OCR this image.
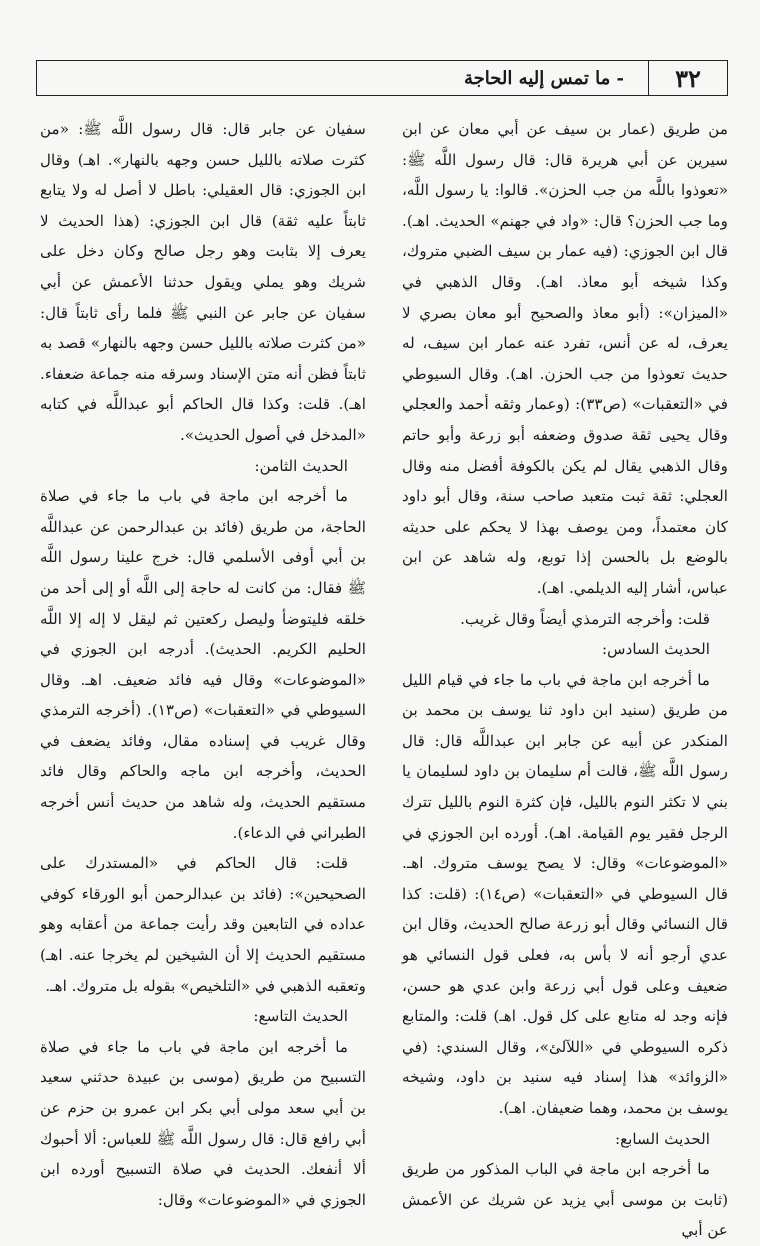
٣٢
- ما تمس إليه الحاجة

من طريق (عمار بن سيف عن أبي معان عن ابن سيرين عن أبي هريرة قال: قال رسول اللَّه ﷺ: «تعوذوا باللَّه من جب الحزن». قالوا: يا رسول اللَّه، وما جب الحزن؟ قال: «واد في جهنم» الحديث. اهـ). قال ابن الجوزي: (فيه عمار بن سيف الضبي متروك، وكذا شيخه أبو معاذ. اهـ). وقال الذهبي في «الميزان»: (أبو معاذ والصحيح أبو معان بصري لا يعرف، له عن أنس، تفرد عنه عمار ابن سيف، له حديث تعوذوا من جب الحزن. اهـ). وقال السيوطي في «التعقبات» (ص٣٣): (وعمار وثقه أحمد والعجلي وقال يحيى ثقة صدوق وضعفه أبو زرعة وأبو حاتم وقال الذهبي يقال لم يكن بالكوفة أفضل منه وقال العجلي: ثقة ثبت متعبد صاحب سنة، وقال أبو داود كان معتمداً، ومن يوصف بهذا لا يحكم على حديثه بالوضع بل بالحسن إذا توبع، وله شاهد عن ابن عباس، أشار إليه الديلمي. اهـ).

قلت: وأخرجه الترمذي أيضاً وقال غريب.

الحديث السادس:

ما أخرجه ابن ماجة في باب ما جاء في قيام الليل من طريق (سنيد ابن داود ثنا يوسف بن محمد بن المنكدر عن أبيه عن جابر ابن عبداللَّه قال: قال رسول اللَّه ﷺ، قالت أم سليمان بن داود لسليمان يا بني لا تكثر النوم بالليل، فإن كثرة النوم بالليل تترك الرجل فقير يوم القيامة. اهـ). أورده ابن الجوزي في «الموضوعات» وقال: لا يصح يوسف متروك. اهـ. قال السيوطي في «التعقبات» (ص١٤): (قلت: كذا قال النسائي وقال أبو زرعة صالح الحديث، وقال ابن عدي أرجو أنه لا بأس به، فعلى قول النسائي هو ضعيف وعلى قول أبي زرعة وابن عدي هو حسن، فإنه وجد له متابع على كل قول. اهـ) قلت: والمتابع ذكره السيوطي في «اللآلئ»، وقال السندي: (في «الزوائد» هذا إسناد فيه سنيد بن داود، وشيخه يوسف بن محمد، وهما ضعيفان. اهـ).

الحديث السابع:

ما أخرجه ابن ماجة في الباب المذكور من طريق (ثابت بن موسى أبي يزيد عن شريك عن الأعمش عن أبي

سفيان عن جابر قال: قال رسول اللَّه ﷺ: «من كثرت صلاته بالليل حسن وجهه بالنهار». اهـ) وقال ابن الجوزي: قال العقيلي: باطل لا أصل له ولا يتابع ثابتاً عليه ثقة) قال ابن الجوزي: (هذا الحديث لا يعرف إلا بثابت وهو رجل صالح وكان دخل على شريك وهو يملي ويقول حدثنا الأعمش عن أبي سفيان عن جابر عن النبي ﷺ فلما رأى ثابتاً قال: «من كثرت صلاته بالليل حسن وجهه بالنهار» قصد به ثابتاً فظن أنه متن الإسناد وسرقه منه جماعة ضعفاء. اهـ). قلت: وكذا قال الحاكم أبو عبداللَّه في كتابه «المدخل في أصول الحديث».

الحديث الثامن:

ما أخرجه ابن ماجة في باب ما جاء في صلاة الحاجة، من طريق (فائد بن عبدالرحمن عن عبداللَّه بن أبي أوفى الأسلمي قال: خرج علينا رسول اللَّه ﷺ فقال: من كانت له حاجة إلى اللَّه أو إلى أحد من خلقه فليتوضأ وليصل ركعتين ثم ليقل لا إله إلا اللَّه الحليم الكريم. الحديث). أدرجه ابن الجوزي في «الموضوعات» وقال فيه فائد ضعيف. اهـ. وقال السيوطي في «التعقبات» (ص١٣). (أخرجه الترمذي وقال غريب في إسناده مقال، وفائد يضعف في الحديث، وأخرجه ابن ماجه والحاكم وقال فائد مستقيم الحديث، وله شاهد من حديث أنس أخرجه الطبراني في الدعاء).

قلت: قال الحاكم في «المستدرك على الصحيحين»: (فائد بن عبدالرحمن أبو الورقاء كوفي عداده في التابعين وقد رأيت جماعة من أعقابه وهو مستقيم الحديث إلا أن الشيخين لم يخرجا عنه. اهـ) وتعقبه الذهبي في «التلخيص» بقوله بل متروك. اهـ.

الحديث التاسع:

ما أخرجه ابن ماجة في باب ما جاء في صلاة التسبيح من طريق (موسى بن عبيدة حدثني سعيد بن أبي سعد مولى أبي بكر ابن عمرو بن حزم عن أبي رافع قال: قال رسول اللَّه ﷺ للعباس: ألا أحبوك ألا أنفعك. الحديث في صلاة التسبيح أورده ابن الجوزي في «الموضوعات» وقال:
